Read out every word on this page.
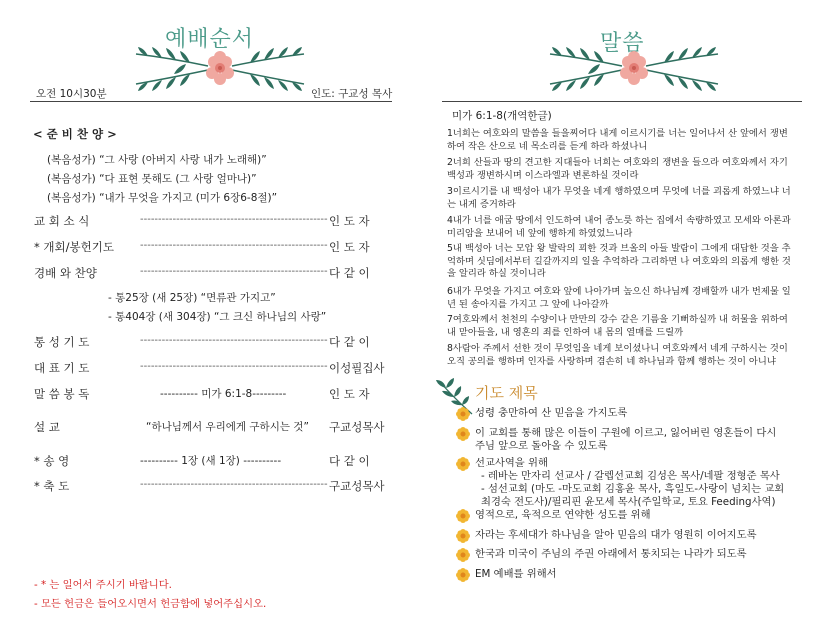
예배순서
오전 10시30분	인도: 구교성 목사
< 준 비 찬 양 >
(복음성가) “그 사랑 (아버지 사랑 내가 노래해)”
(복음성가) “다 표현 못해도 (그 사랑 얼마나)”
(복음성가) “내가 무엇을 가지고 (미가 6장6-8절)”
교 회 소 식	---------------------------------------------------- 인 도 자
* 개회/봉헌기도	---------------------------------------------------- 인 도 자
경배 와 찬양	---------------------------------------------------- 다 같 이
- 통25장 (새 25장) “면류관 가지고”
- 통404장 (새 304장) “그 크신 하나님의 사랑”
통 성 기 도	---------------------------------------------------- 다 같 이
대 표 기 도	---------------------------------------------------- 이성필집사
말 씀 봉 독	---------- 미가 6:1-8---------	인 도 자
설 교	“하나님께서 우리에게 구하시는 것” 구교성목사
* 송 영	---------- 1장 (새 1장) ----------	다 같 이
* 축 도	---------------------------------------------------- 구교성목사
- * 는 일어서 주시기 바랍니다.
- 모든 헌금은 들어오시면서 헌금함에 넣어주십시오.
말씀
미가 6:1-8(개역한글)
1너희는 여호와의 말씀을 들을찌어다 내게 이르시기를 너는 일어나서 산 앞에서 쟁변하여 작은 산으로 네 목소리를 듣게 하라 하셨나니
2너희 산들과 땅의 견고한 지대들아 너희는 여호와의 쟁변을 들으라 여호와께서 자기 백성과 쟁변하시며 이스라엘과 변론하실 것이라
3이르시기를 내 백성아 내가 무엇을 네게 행하였으며 무엇에 너를 괴롭게 하였느냐 너는 내게 증거하라
4내가 너를 애굽 땅에서 인도하여 내어 종노릇 하는 집에서 속량하였고 모세와 아론과 미리암을 보내어 네 앞에 행하게 하였었느니라
5내 백성아 너는 모압 왕 발락의 꾀한 것과 브올의 아들 발람이 그에게 대답한 것을 추억하며 싯딤에서부터 길갈까지의 일을 추억하라 그리하면 나 여호와의 의롭게 행한 것을 알리라 하실 것이니라
6내가 무엇을 가지고 여호와 앞에 나아가며 높으신 하나님께 경배할까 내가 번제물 일년 된 송아지를 가지고 그 앞에 나아갈까
7여호와께서 천천의 수양이나 만만의 강수 같은 기름을 기뻐하실까 내 허물을 위하여 내 맏아들을, 내 영혼의 죄를 인하여 내 몸의 열매를 드릴까
8사람아 주께서 선한 것이 무엇임을 네게 보이셨나니 여호와께서 네게 구하시는 것이 오직 공의를 행하며 인자를 사랑하며 겸손히 네 하나님과 함께 행하는 것이 아니냐
기도 제목
성령 충만하여 산 믿음을 가지도록
이 교회를 통해 많은 이들이 구원에 이르고, 잃어버린 영혼들이 다시
주님 앞으로 돌아올 수 있도록
선교사역을 위해
- 레바논 만자리 선교사 / 갈렙선교회 김성은 목사/네팔 정형준 목사
- 섬선교회 (마도 -마도교회 김홍윤 목사, 흑일도-사랑이 넘치는 교회
최경숙 전도사)/필리핀 윤모세 목사(주일학교, 토요 Feeding사역)
영적으로, 육적으로 연약한 성도를 위해
자라는 후세대가 하나님을 알아 믿음의 대가 영원히 이어지도록
한국과 미국이 주님의 주권 아래에서 통치되는 나라가 되도록
EM 예배를 위해서
